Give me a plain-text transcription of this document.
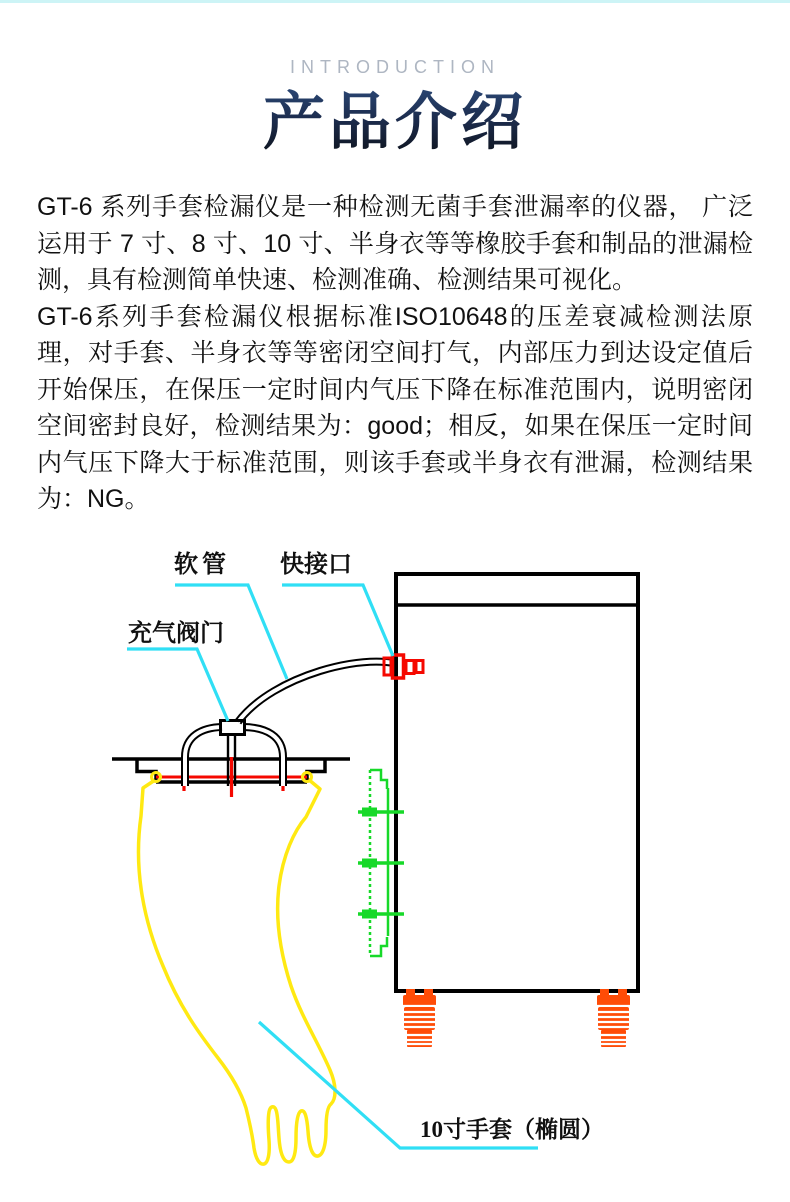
INTRODUCTION
产品介绍

GT-6 系列手套检漏仪是一种检测无菌手套泄漏率的仪器， 广泛运用于 7 寸、8 寸、10 寸、半身衣等等橡胶手套和制品的泄漏检测，具有检测简单快速、检测准确、检测结果可视化。

GT-6系列手套检漏仪根据标准ISO10648的压差衰减检测法原理，对手套、半身衣等等密闭空间打气，内部压力到达设定值后开始保压，在保压一定时间内气压下降在标准范围内，说明密闭空间密封良好，检测结果为：good；相反，如果在保压一定时间内气压下降大于标准范围，则该手套或半身衣有泄漏，检测结果为：NG。

软管 快接口
充气阀门
10寸手套（椭圆）
